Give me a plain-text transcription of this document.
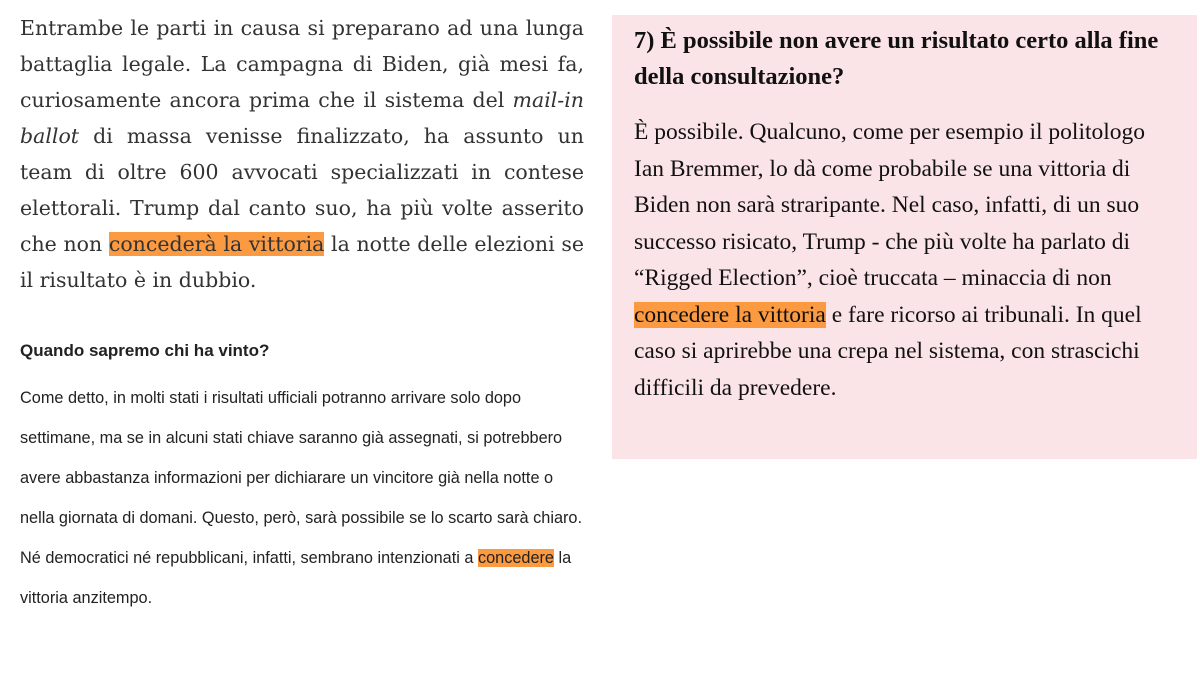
Entrambe le parti in causa si preparano ad una lunga battaglia legale. La campagna di Biden, già mesi fa, curiosamente ancora prima che il sistema del mail-in ballot di massa venisse finalizzato, ha assunto un team di oltre 600 avvocati specializzati in contese elettorali. Trump dal canto suo, ha più volte asserito che non concederà la vittoria la notte delle elezioni se il risultato è in dubbio.

Quando sapremo chi ha vinto?

Come detto, in molti stati i risultati ufficiali potranno arrivare solo dopo settimane, ma se in alcuni stati chiave saranno già assegnati, si potrebbero avere abbastanza informazioni per dichiarare un vincitore già nella notte o nella giornata di domani. Questo, però, sarà possibile se lo scarto sarà chiaro. Né democratici né repubblicani, infatti, sembrano intenzionati a concedere la vittoria anzitempo.

7) È possibile non avere un risultato certo alla fine della consultazione?

È possibile. Qualcuno, come per esempio il politologo Ian Bremmer, lo dà come probabile se una vittoria di Biden non sarà straripante. Nel caso, infatti, di un suo successo risicato, Trump - che più volte ha parlato di “Rigged Election”, cioè truccata – minaccia di non concedere la vittoria e fare ricorso ai tribunali. In quel caso si aprirebbe una crepa nel sistema, con strascichi difficili da prevedere.
